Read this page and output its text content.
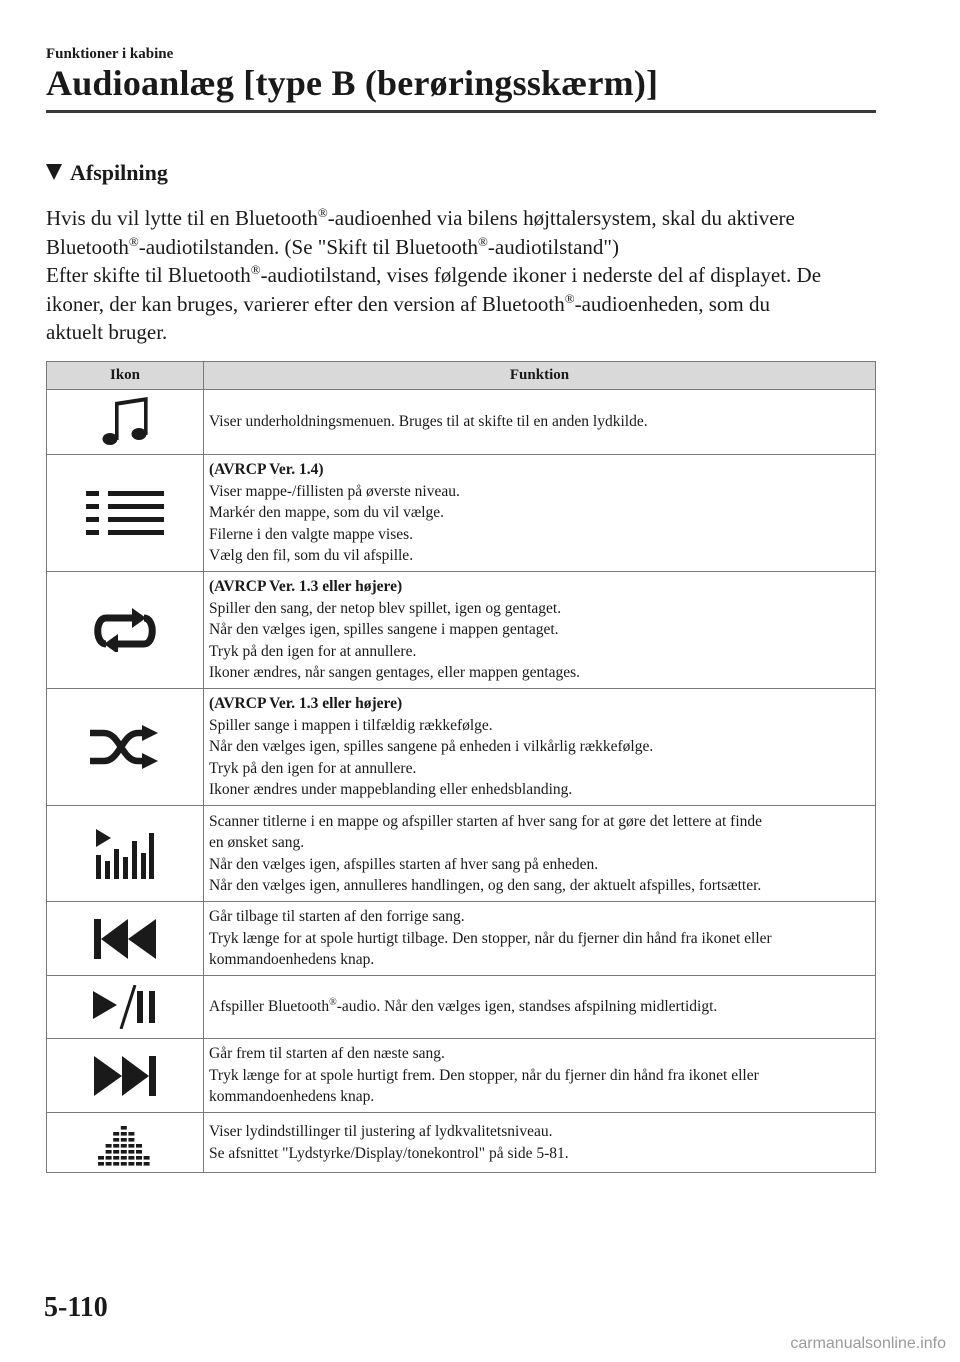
Funktioner i kabine
Audioanlæg [type B (berøringsskærm)]
Afspilning

Hvis du vil lytte til en Bluetooth®-audioenhed via bilens højttalersystem, skal du aktivere
Bluetooth®-audiotilstanden. (Se "Skift til Bluetooth®-audiotilstand")

Efter skifte til Bluetooth®-audiotilstand, vises følgende ikoner i nederste del af displayet. De
ikoner, der kan bruges, varierer efter den version af Bluetooth®-audioenheden, som du
aktuelt bruger.

Ikon	Funktion

Viser underholdningsmenuen. Bruges til at skifte til en anden lydkilde.

(AVRCP Ver. 1.4)
Viser mappe-/fillisten på øverste niveau.
Markér den mappe, som du vil vælge.
Filerne i den valgte mappe vises.
Vælg den fil, som du vil afspille.

(AVRCP Ver. 1.3 eller højere)
Spiller den sang, der netop blev spillet, igen og gentaget.
Når den vælges igen, spilles sangene i mappen gentaget.
Tryk på den igen for at annullere.
Ikoner ændres, når sangen gentages, eller mappen gentages.

(AVRCP Ver. 1.3 eller højere)
Spiller sange i mappen i tilfældig rækkefølge.
Når den vælges igen, spilles sangene på enheden i vilkårlig rækkefølge.
Tryk på den igen for at annullere.
Ikoner ændres under mappeblanding eller enhedsblanding.

Scanner titlerne i en mappe og afspiller starten af hver sang for at gøre det lettere at finde
en ønsket sang.
Når den vælges igen, afspilles starten af hver sang på enheden.
Når den vælges igen, annulleres handlingen, og den sang, der aktuelt afspilles, fortsætter.

Går tilbage til starten af den forrige sang.
Tryk længe for at spole hurtigt tilbage. Den stopper, når du fjerner din hånd fra ikonet eller
kommandoenhedens knap.

Afspiller Bluetooth®-audio. Når den vælges igen, standses afspilning midlertidigt.

Går frem til starten af den næste sang.
Tryk længe for at spole hurtigt frem. Den stopper, når du fjerner din hånd fra ikonet eller
kommandoenhedens knap.

Viser lydindstillinger til justering af lydkvalitetsniveau.
Se afsnittet "Lydstyrke/Display/tonekontrol" på side 5-81.
5-110
carmanualsonline.info
